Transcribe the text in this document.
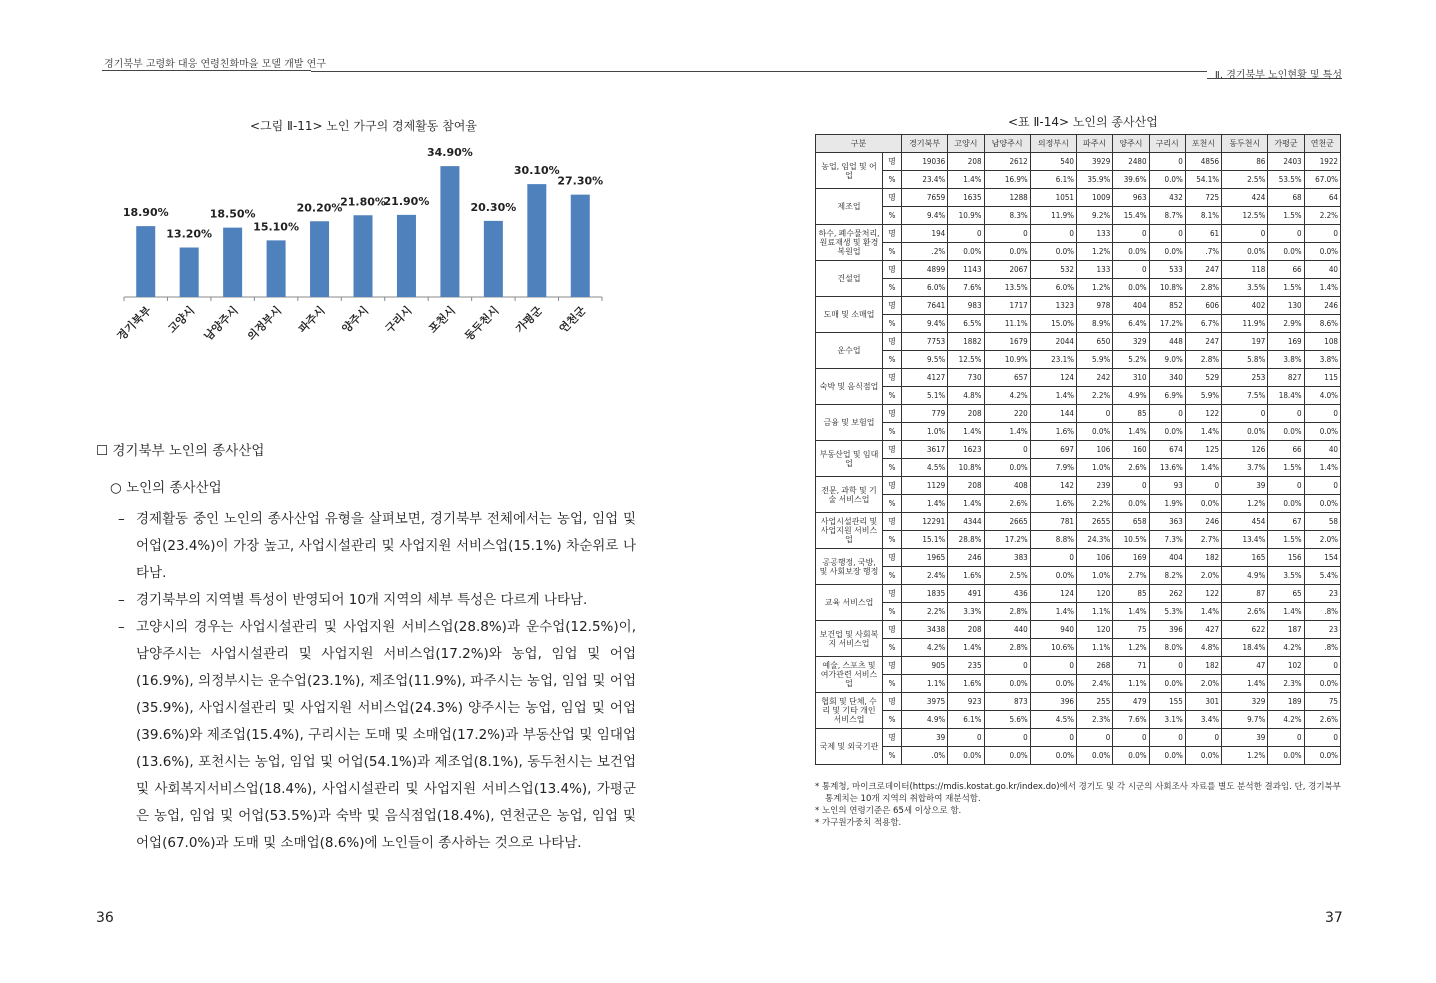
경기북부 고령화 대응 연령친화마을 모델 개발 연구
Ⅱ. 경기북부 노인현황 및 특성
<그림 Ⅱ-11> 노인 가구의 경제활동 참여율
18.90%
경기북부
13.20%
고양시
18.50%
남양주시
15.10%
의정부시
20.20%
파주시
21.80%
양주시
21.90%
구리시
34.90%
포천시
20.30%
동두천시
30.10%
가평군
27.30%
연천군
☐ 경기북부 노인의 종사산업
○ 노인의 종사산업
– 경제활동 중인 노인의 종사산업 유형을 살펴보면, 경기북부 전체에서는 농업, 임업 및 어업(23.4%)이 가장 높고, 사업시설관리 및 사업지원 서비스업(15.1%) 차순위로 나타남.
– 경기북부의 지역별 특성이 반영되어 10개 지역의 세부 특성은 다르게 나타남.
– 고양시의 경우는 사업시설관리 및 사업지원 서비스업(28.8%)과 운수업(12.5%)이, 남양주시는 사업시설관리 및 사업지원 서비스업(17.2%)와 농업, 임업 및 어업(16.9%), 의정부시는 운수업(23.1%), 제조업(11.9%), 파주시는 농업, 임업 및 어업(35.9%), 사업시설관리 및 사업지원 서비스업(24.3%) 양주시는 농업, 임업 및 어업(39.6%)와 제조업(15.4%), 구리시는 도매 및 소매업(17.2%)과 부동산업 및 임대업(13.6%), 포천시는 농업, 임업 및 어업(54.1%)과 제조업(8.1%), 동두천시는 보건업 및 사회복지서비스업(18.4%), 사업시설관리 및 사업지원 서비스업(13.4%), 가평군은 농업, 임업 및 어업(53.5%)과 숙박 및 음식점업(18.4%), 연천군은 농업, 임업 및 어업(67.0%)과 도매 및 소매업(8.6%)에 노인들이 종사하는 것으로 나타남.
<표 Ⅱ-14> 노인의 종사산업
구분		경기북부	고양시	남양주시	의정부시	파주시	양주시	구리시	포천시	동두천시	가평군	연천군
농업, 임업 및 어업	명	19036	208	2612	540	3929	2480	0	4856	86	2403	1922
	%	23.4%	1.4%	16.9%	6.1%	35.9%	39.6%	0.0%	54.1%	2.5%	53.5%	67.0%
제조업	명	7659	1635	1288	1051	1009	963	432	725	424	68	64
	%	9.4%	10.9%	8.3%	11.9%	9.2%	15.4%	8.7%	8.1%	12.5%	1.5%	2.2%
하수, 폐수물처리, 원료재생 및 환경복원업	명	194	0	0	0	133	0	0	61	0	0	0
	%	.2%	0.0%	0.0%	0.0%	1.2%	0.0%	0.0%	.7%	0.0%	0.0%	0.0%
건설업	명	4899	1143	2067	532	133	0	533	247	118	66	40
	%	6.0%	7.6%	13.5%	6.0%	1.2%	0.0%	10.8%	2.8%	3.5%	1.5%	1.4%
도매 및 소매업	명	7641	983	1717	1323	978	404	852	606	402	130	246
	%	9.4%	6.5%	11.1%	15.0%	8.9%	6.4%	17.2%	6.7%	11.9%	2.9%	8.6%
운수업	명	7753	1882	1679	2044	650	329	448	247	197	169	108
	%	9.5%	12.5%	10.9%	23.1%	5.9%	5.2%	9.0%	2.8%	5.8%	3.8%	3.8%
숙박 및 음식점업	명	4127	730	657	124	242	310	340	529	253	827	115
	%	5.1%	4.8%	4.2%	1.4%	2.2%	4.9%	6.9%	5.9%	7.5%	18.4%	4.0%
금융 및 보험업	명	779	208	220	144	0	85	0	122	0	0	0
	%	1.0%	1.4%	1.4%	1.6%	0.0%	1.4%	0.0%	1.4%	0.0%	0.0%	0.0%
부동산업 및 임대업	명	3617	1623	0	697	106	160	674	125	126	66	40
	%	4.5%	10.8%	0.0%	7.9%	1.0%	2.6%	13.6%	1.4%	3.7%	1.5%	1.4%
전문, 과학 및 기술 서비스업	명	1129	208	408	142	239	0	93	0	39	0	0
	%	1.4%	1.4%	2.6%	1.6%	2.2%	0.0%	1.9%	0.0%	1.2%	0.0%	0.0%
사업시설관리 및 사업지원 서비스업	명	12291	4344	2665	781	2655	658	363	246	454	67	58
	%	15.1%	28.8%	17.2%	8.8%	24.3%	10.5%	7.3%	2.7%	13.4%	1.5%	2.0%
공공행정, 국방, 및 사회보장 행정	명	1965	246	383	0	106	169	404	182	165	156	154
	%	2.4%	1.6%	2.5%	0.0%	1.0%	2.7%	8.2%	2.0%	4.9%	3.5%	5.4%
교육 서비스업	명	1835	491	436	124	120	85	262	122	87	65	23
	%	2.2%	3.3%	2.8%	1.4%	1.1%	1.4%	5.3%	1.4%	2.6%	1.4%	.8%
보건업 및 사회복지 서비스업	명	3438	208	440	940	120	75	396	427	622	187	23
	%	4.2%	1.4%	2.8%	10.6%	1.1%	1.2%	8.0%	4.8%	18.4%	4.2%	.8%
예술, 스포츠 및 여가관련 서비스업	명	905	235	0	0	268	71	0	182	47	102	0
	%	1.1%	1.6%	0.0%	0.0%	2.4%	1.1%	0.0%	2.0%	1.4%	2.3%	0.0%
협회 및 단체, 수리 및 기타 개인 서비스업	명	3975	923	873	396	255	479	155	301	329	189	75
	%	4.9%	6.1%	5.6%	4.5%	2.3%	7.6%	3.1%	3.4%	9.7%	4.2%	2.6%
국제 및 외국기관	명	39	0	0	0	0	0	0	0	39	0	0
	%	.0%	0.0%	0.0%	0.0%	0.0%	0.0%	0.0%	0.0%	1.2%	0.0%	0.0%
* 통계청, 마이크로데이터(https://mdis.kostat.go.kr/index.do)에서 경기도 및 각 시군의 사회조사 자료를 별도 분석한 결과임. 단, 경기북부 통계치는 10개 지역의 취합하여 재분석함.
* 노인의 연령기준은 65세 이상으로 함.
* 가구원가중치 적용함.
36	37
